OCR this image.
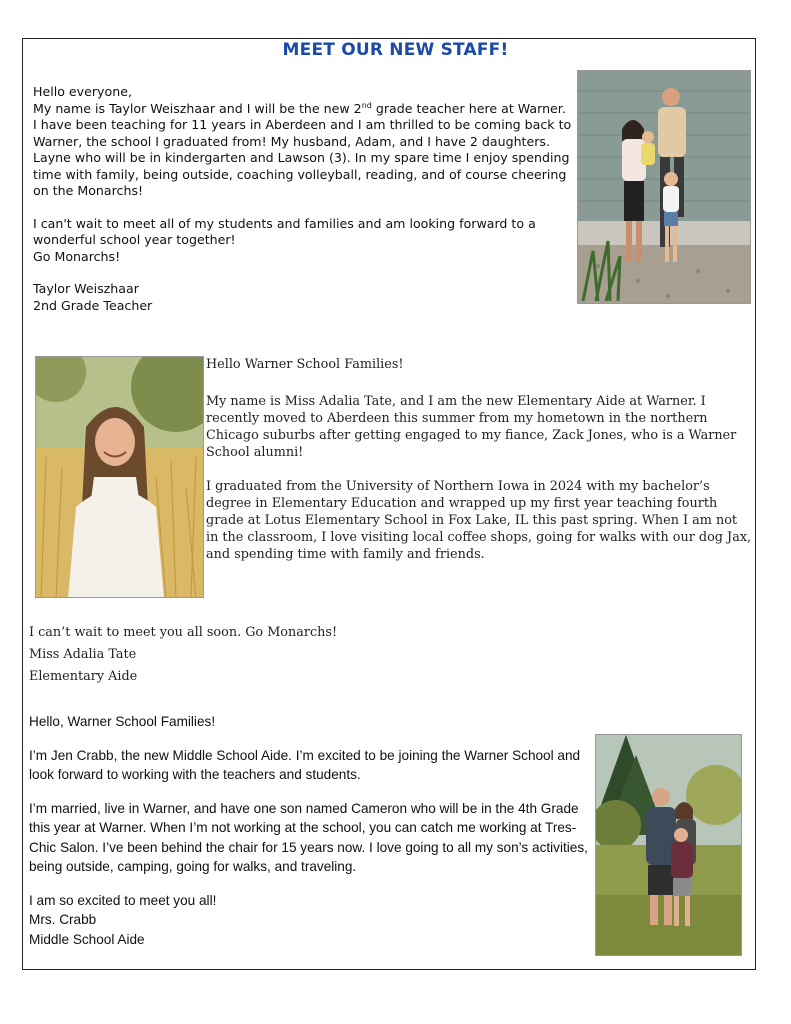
MEET OUR NEW STAFF!

Hello everyone,

My name is Taylor Weiszhaar and I will be the new 2nd grade teacher here at Warner. I have been teaching for 11 years in Aberdeen and I am thrilled to be coming back to Warner, the school I graduated from! My husband, Adam, and I have 2 daughters. Layne who will be in kindergarten and Lawson (3). In my spare time I enjoy spending time with family, being outside, coaching volleyball, reading, and of course cheering on the Monarchs!

I can't wait to meet all of my students and families and am looking forward to a wonderful school year together!

Go Monarchs!

Taylor Weiszhaar

2nd Grade Teacher

Hello Warner School Families!

My name is Miss Adalia Tate, and I am the new Elementary Aide at Warner. I recently moved to Aberdeen this summer from my hometown in the northern Chicago suburbs after getting engaged to my fiance, Zack Jones, who is a Warner School alumni!

I graduated from the University of Northern Iowa in 2024 with my bachelor’s degree in Elementary Education and wrapped up my first year teaching fourth grade at Lotus Elementary School in Fox Lake, IL this past spring. When I am not in the classroom, I love visiting local coffee shops, going for walks with our dog Jax, and spending time with family and friends.

I can’t wait to meet you all soon. Go Monarchs!

Miss Adalia Tate

Elementary Aide

Hello, Warner School Families!

I’m Jen Crabb, the new Middle School Aide. I’m excited to be joining the Warner School and look forward to working with the teachers and students.

I’m married, live in Warner, and have one son named Cameron who will be in the 4th Grade this year at Warner. When I’m not working at the school, you can catch me working at Tres-Chic Salon. I’ve been behind the chair for 15 years now. I love going to all my son’s activities, being outside, camping, going for walks, and traveling.

I am so excited to meet you all!

Mrs. Crabb

Middle School Aide
